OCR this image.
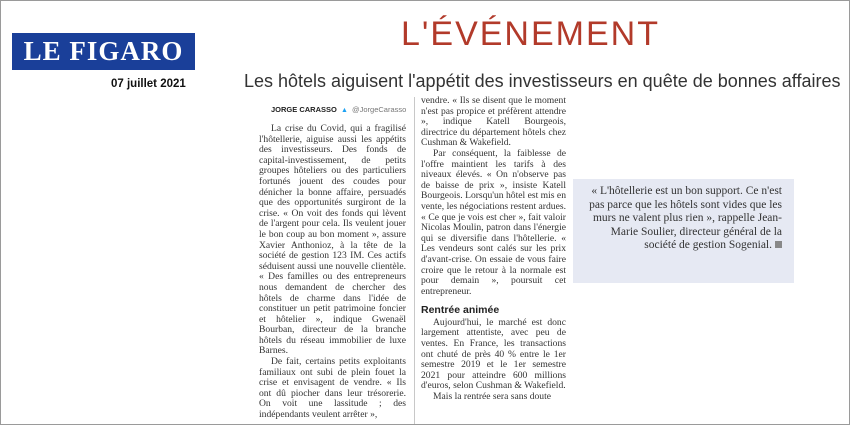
LE FIGARO
07 juillet 2021
L'ÉVÉNEMENT
Les hôtels aiguisent l'appétit des investisseurs en quête de bonnes affaires
JORGE CARASSO ▲ @JorgeCarasso

La crise du Covid, qui a fragilisé l'hôtellerie, aiguise aussi les appétits des investisseurs. Des fonds de capital-investissement, de petits groupes hôteliers ou des particuliers fortunés jouent des coudes pour dénicher la bonne affaire, persuadés que des opportunités surgiront de la crise. « On voit des fonds qui lèvent de l'argent pour cela. Ils veulent jouer le bon coup au bon moment », assure Xavier Anthonioz, à la tête de la société de gestion 123 IM. Ces actifs séduisent aussi une nouvelle clientèle. « Des familles ou des entrepreneurs nous demandent de chercher des hôtels de charme dans l'idée de constituer un petit patrimoine foncier et hôtelier », indique Gwenaël Bourban, directeur de la branche hôtels du réseau immobilier de luxe Barnes.

De fait, certains petits exploitants familiaux ont subi de plein fouet la crise et envisagent de vendre. « Ils ont dû piocher dans leur trésorerie. On voit une lassitude ; des indépendants veulent arrêter »,

vendre. « Ils se disent que le moment n'est pas propice et préfèrent attendre », indique Katell Bourgeois, directrice du département hôtels chez Cushman & Wakefield.

Par conséquent, la faiblesse de l'offre maintient les tarifs à des niveaux élevés. « On n'observe pas de baisse de prix », insiste Katell Bourgeois. Lorsqu'un hôtel est mis en vente, les négociations restent ardues. « Ce que je vois est cher », fait valoir Nicolas Moulin, patron dans l'énergie qui se diversifie dans l'hôtellerie. « Les vendeurs sont calés sur les prix d'avant-crise. On essaie de vous faire croire que le retour à la normale est pour demain », poursuit cet entrepreneur.

Rentrée animée

Aujourd'hui, le marché est donc largement attentiste, avec peu de ventes. En France, les transactions ont chuté de près 40 % entre le 1er semestre 2019 et le 1er semestre 2021 pour atteindre 600 millions d'euros, selon Cushman & Wakefield.

Mais la rentrée sera sans doute

« L'hôtellerie est un bon support. Ce n'est pas parce que les hôtels sont vides que les murs ne valent plus rien », rappelle Jean-Marie Soulier, directeur général de la société de gestion Sogenial.
